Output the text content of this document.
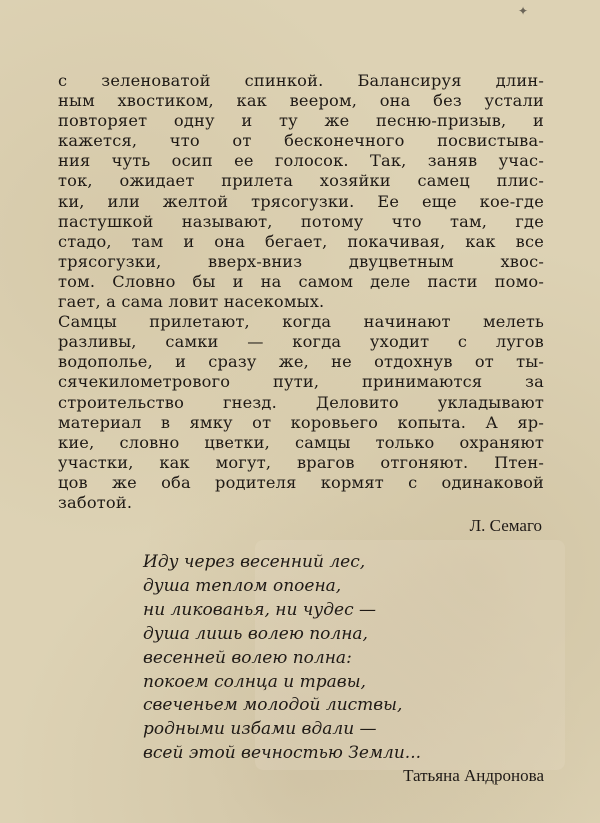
✦
с зеленоватой спинкой. Балансируя длин-
ным хвостиком, как веером, она без устали
повторяет одну и ту же песню-призыв, и
кажется, что от бесконечного посвистыва-
ния чуть осип ее голосок. Так, заняв учас-
ток, ожидает прилета хозяйки самец плис-
ки, или желтой трясогузки. Ее еще кое-где
пастушкой называют, потому что там, где
стадо, там и она бегает, покачивая, как все
трясогузки, вверх-вниз двуцветным хвос-
том. Словно бы и на самом деле пасти помо-
гает, а сама ловит насекомых.
Самцы прилетают, когда начинают мелеть
разливы, самки — когда уходит с лугов
водополье, и сразу же, не отдохнув от ты-
сячекилометрового пути, принимаются за
строительство гнезд. Деловито укладывают
материал в ямку от коровьего копыта. А яр-
кие, словно цветки, самцы только охраняют
участки, как могут, врагов отгоняют. Птен-
цов же оба родителя кормят с одинаковой
заботой.
Л. Семаго
Иду через весенний лес,
душа теплом опоена,
ни ликованья, ни чудес —
душа лишь волею полна,
весенней волею полна:
покоем солнца и травы,
свеченьем молодой листвы,
родными избами вдали —
всей этой вечностью Земли...
Татьяна Андронова
